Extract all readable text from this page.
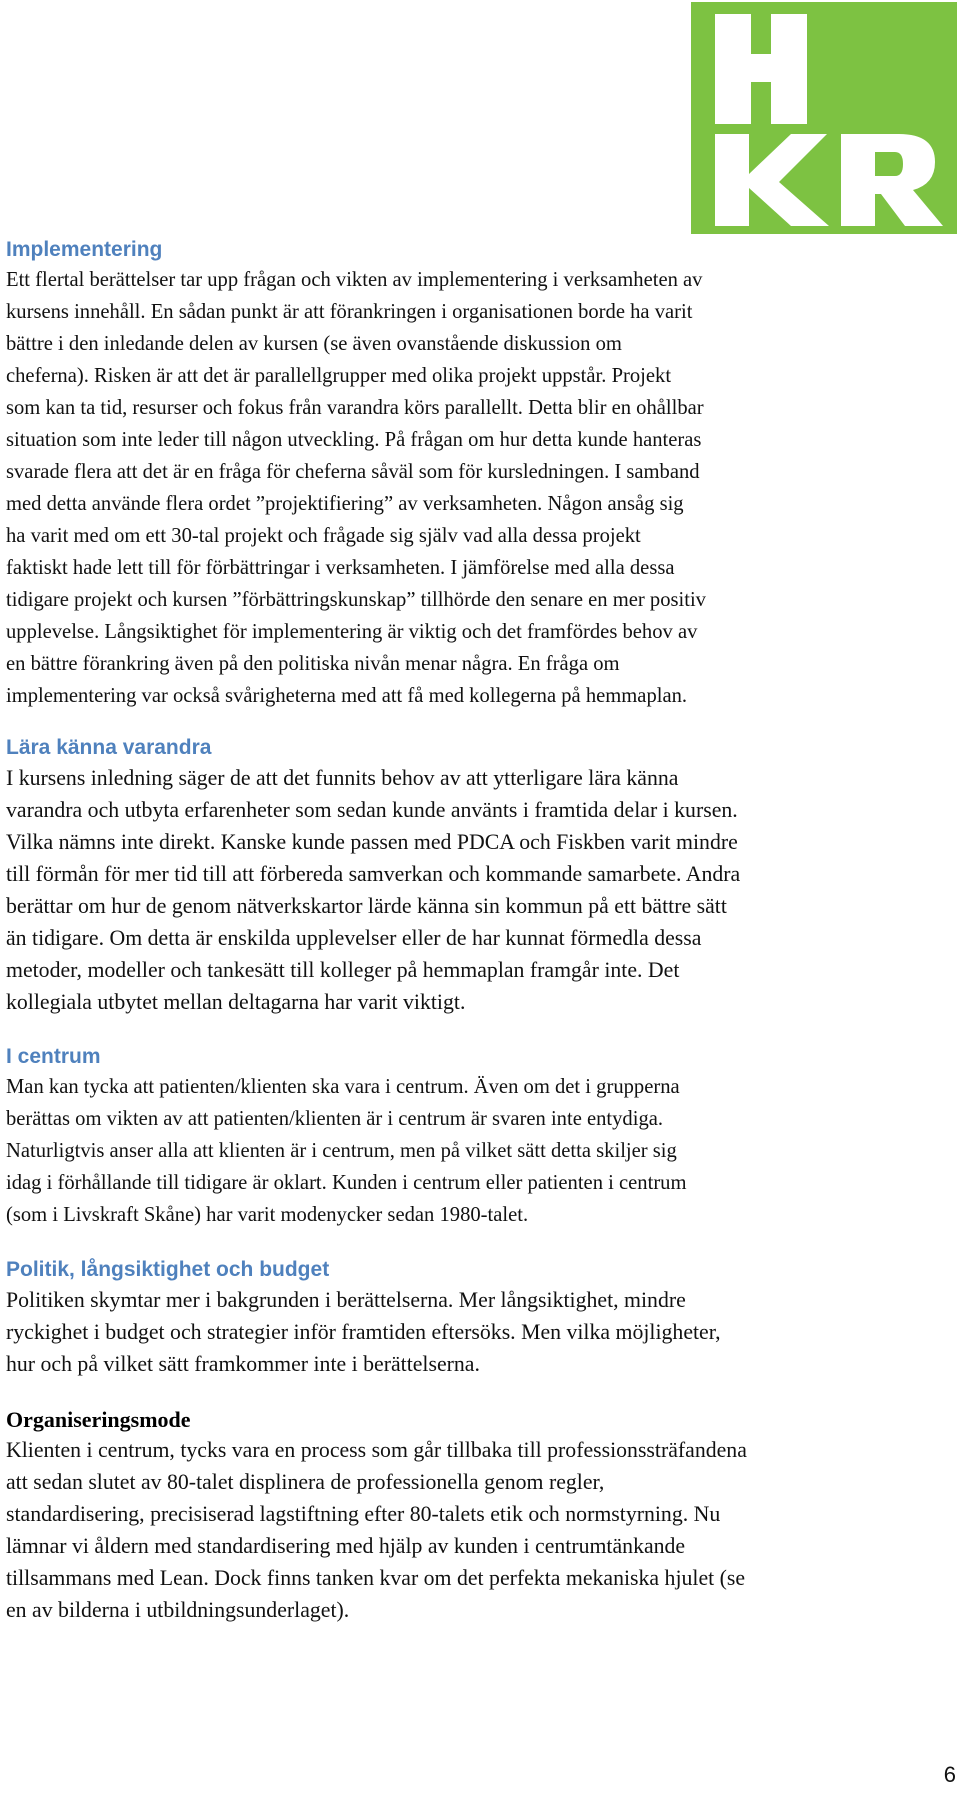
Implementering

Ett flertal berättelser tar upp frågan och vikten av implementering i verksamheten av
kursens innehåll. En sådan punkt är att förankringen i organisationen borde ha varit
bättre i den inledande delen av kursen (se även ovanstående diskussion om
cheferna). Risken är att det är parallellgrupper med olika projekt uppstår. Projekt
som kan ta tid, resurser och fokus från varandra körs parallellt. Detta blir en ohållbar
situation som inte leder till någon utveckling. På frågan om hur detta kunde hanteras
svarade flera att det är en fråga för cheferna såväl som för kursledningen. I samband
med detta använde flera ordet ”projektifiering” av verksamheten. Någon ansåg sig
ha varit med om ett 30-tal projekt och frågade sig själv vad alla dessa projekt
faktiskt hade lett till för förbättringar i verksamheten. I jämförelse med alla dessa
tidigare projekt och kursen ”förbättringskunskap” tillhörde den senare en mer positiv
upplevelse. Långsiktighet för implementering är viktig och det framfördes behov av
en bättre förankring även på den politiska nivån menar några. En fråga om
implementering var också svårigheterna med att få med kollegerna på hemmaplan.

Lära känna varandra

I kursens inledning säger de att det funnits behov av att ytterligare lära känna
varandra och utbyta erfarenheter som sedan kunde använts i framtida delar i kursen.
Vilka nämns inte direkt. Kanske kunde passen med PDCA och Fiskben varit mindre
till förmån för mer tid till att förbereda samverkan och kommande samarbete. Andra
berättar om hur de genom nätverkskartor lärde känna sin kommun på ett bättre sätt
än tidigare. Om detta är enskilda upplevelser eller de har kunnat förmedla dessa
metoder, modeller och tankesätt till kolleger på hemmaplan framgår inte. Det
kollegiala utbytet mellan deltagarna har varit viktigt.

I centrum

Man kan tycka att patienten/klienten ska vara i centrum. Även om det i grupperna
berättas om vikten av att patienten/klienten är i centrum är svaren inte entydiga.
Naturligtvis anser alla att klienten är i centrum, men på vilket sätt detta skiljer sig
idag i förhållande till tidigare är oklart. Kunden i centrum eller patienten i centrum
(som i Livskraft Skåne) har varit modenycker sedan 1980-talet.

Politik, långsiktighet och budget

Politiken skymtar mer i bakgrunden i berättelserna. Mer långsiktighet, mindre
ryckighet i budget och strategier inför framtiden eftersöks. Men vilka möjligheter,
hur och på vilket sätt framkommer inte i berättelserna.

Organiseringsmode

Klienten i centrum, tycks vara en process som går tillbaka till professionssträfandena
att sedan slutet av 80-talet displinera de professionella genom regler,
standardisering, precisiserad lagstiftning efter 80-talets etik och normstyrning. Nu
lämnar vi åldern med standardisering med hjälp av kunden i centrumtänkande
tillsammans med Lean. Dock finns tanken kvar om det perfekta mekaniska hjulet (se
en av bilderna i utbildningsunderlaget).

6
